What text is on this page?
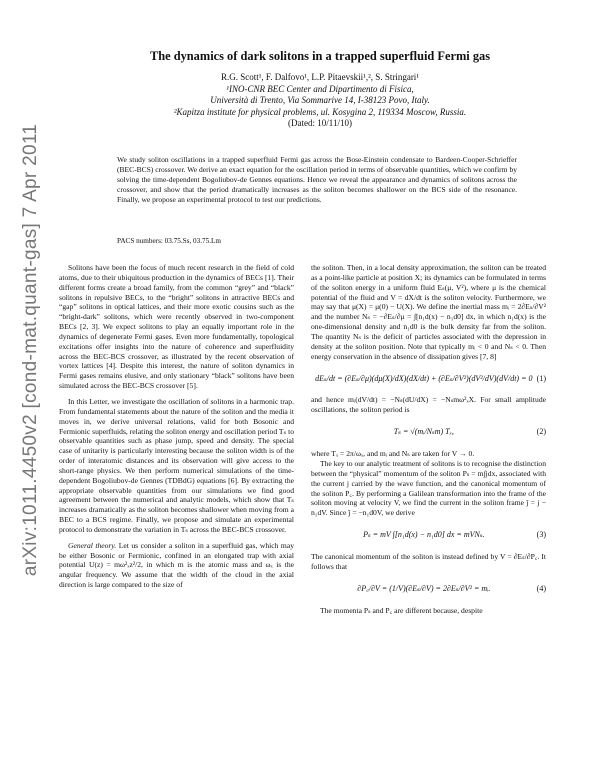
arXiv:1011.4450v2 [cond-mat.quant-gas] 7 Apr 2011
The dynamics of dark solitons in a trapped superfluid Fermi gas
R.G. Scott¹, F. Dalfovo¹, L.P. Pitaevskii¹,², S. Stringari¹
¹INO-CNR BEC Center and Dipartimento di Fisica,
Università di Trento, Via Sommarive 14, I-38123 Povo, Italy.
²Kapitza institute for physical problems, ul. Kosygina 2, 119334 Moscow, Russia.
(Dated: 10/11/10)
We study soliton oscillations in a trapped superfluid Fermi gas across the Bose-Einstein condensate to Bardeen-Cooper-Schrieffer (BEC-BCS) crossover. We derive an exact equation for the oscillation period in terms of observable quantities, which we confirm by solving the time-dependent Bogoliubov-de Gennes equations. Hence we reveal the appearance and dynamics of solitons across the crossover, and show that the period dramatically increases as the soliton becomes shallower on the BCS side of the resonance. Finally, we propose an experimental protocol to test our predictions.
PACS numbers: 03.75.Ss, 03.75.Lm

Solitons have been the focus of much recent research in the field of cold atoms, due to their ubiquitous production in the dynamics of BECs [1]. Their different forms create a broad family, from the common “grey” and “black” solitons in repulsive BECs, to the “bright” solitons in attractive BECs and “gap” solitons in optical lattices, and their more exotic cousins such as the “bright-dark” solitons, which were recently observed in two-component BECs [2, 3]. We expect solitons to play an equally important role in the dynamics of degenerate Fermi gases. Even more fundamentally, topological excitations offer insights into the nature of coherence and superfluidity across the BEC-BCS crossover, as illustrated by the recent observation of vortex lattices [4]. Despite this interest, the nature of soliton dynamics in Fermi gases remains elusive, and only stationary “black” solitons have been simulated across the BEC-BCS crossover [5].

In this Letter, we investigate the oscillation of solitons in a harmonic trap. From fundamental statements about the nature of the soliton and the media it moves in, we derive universal relations, valid for both Bosonic and Fermionic superfluids, relating the soliton energy and oscillation period Tₛ to observable quantities such as phase jump, speed and density. The special case of unitarity is particularly interesting because the soliton width is of the order of interatomic distances and its observation will give access to the short-range physics. We then perform numerical simulations of the time-dependent Bogoliubov-de Gennes (TDBdG) equations [6]. By extracting the appropriate observable quantities from our simulations we find good agreement between the numerical and analytic models, which show that Tₛ increases dramatically as the soliton becomes shallower when moving from a BEC to a BCS regime. Finally, we propose and simulate an experimental protocol to demonstrate the variation in Tₛ across the BEC-BCS crossover.

General theory. Let us consider a soliton in a superfluid gas, which may be either Bosonic or Fermionic, confined in an elongated trap with axial potential U(z) = mω²ₓz²/2, in which m is the atomic mass and ωₓ is the angular frequency. We assume that the width of the cloud in the axial direction is large compared to the size of

the soliton. Then, in a local density approximation, the soliton can be treated as a point-like particle at position X; its dynamics can be formulated in terms of the soliton energy in a uniform fluid Eₛ(μ, V²), where μ is the chemical potential of the fluid and V = dX/dt is the soliton velocity. Furthermore, we may say that μ(X) = μ(0) − U(X). We define the inertial mass mᵢ = 2∂Eₛ/∂V² and the number Nₛ = −∂Eₛ/∂μ = ∫[n₁d(x) − n₁d0] dx, in which n₁d(x) is the one-dimensional density and n₁d0 is the bulk density far from the soliton. The quantity Nₛ is the deficit of particles associated with the depression in density at the soliton position. Note that typically mᵢ < 0 and Nₛ < 0. Then energy conservation in the absence of dissipation gives [7, 8]

dEₛ/dt = (∂Eₛ/∂μ)(dμ(X)/dX)(dX/dt) + (∂Eₛ/∂V²)(dV²/dV)(dV/dt) = 0 (1)

and hence mᵢ(dV/dt) = −Nₛ(dU/dX) = −Nₛmω²ₓX. For small amplitude oscillations, the soliton period is

Tₛ = √(mᵢ/Nₛm) Tₓ,	(2)

where Tₓ = 2π/ωₓ, and mᵢ and Nₛ are taken for V → 0.

The key to our analytic treatment of solitons is to recognise the distinction between the “physical” momentum of the soliton Pₛ = m∫jdx, associated with the current j carried by the wave function, and the canonical momentum of the soliton P꜀. By performing a Galilean transformation into the frame of the soliton moving at velocity V, we find the current in the soliton frame ĵ = j − n₁dV. Since ĵ = −n₁d0V, we derive

Pₛ = mV ∫[n₁d(x) − n₁d0] dx = mVNₛ.	(3)

The canonical momentum of the soliton is instead defined by V = ∂Eₛ/∂P꜀. It follows that

∂P꜀/∂V = (1/V)(∂Eₛ/∂V) = 2∂Eₛ/∂V² = mᵢ.	(4)

The momenta Pₛ and P꜀ are different because, despite
